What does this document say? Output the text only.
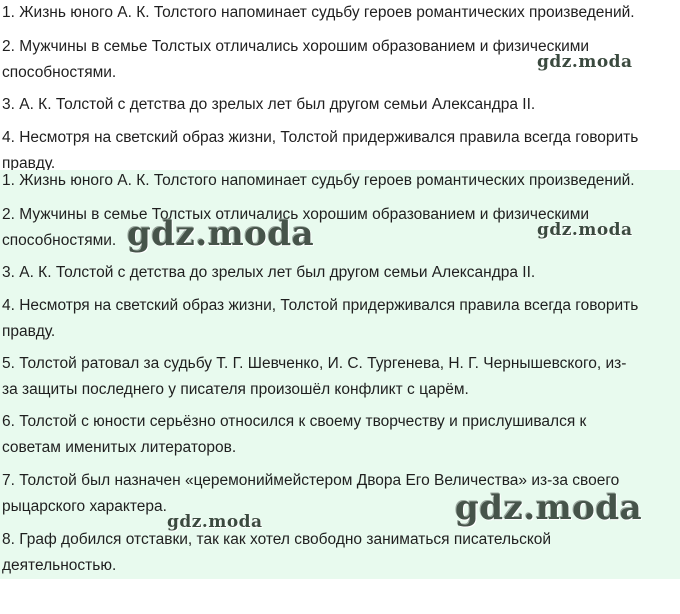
1. Жизнь юного А. К. Толстого напоминает судьбу героев романтических произведений.

2. Мужчины в семье Толстых отличались хорошим образованием и физическими способностями.

3. А. К. Толстой с детства до зрелых лет был другом семьи Александра II.

4. Несмотря на светский образ жизни, Толстой придерживался правила всегда говорить правду.

gdz.moda

1. Жизнь юного А. К. Толстого напоминает судьбу героев романтических произведений.

2. Мужчины в семье Толстых отличались хорошим образованием и физическими способностями.

3. А. К. Толстой с детства до зрелых лет был другом семьи Александра II.

4. Несмотря на светский образ жизни, Толстой придерживался правила всегда говорить правду.

5. Толстой ратовал за судьбу Т. Г. Шевченко, И. С. Тургенева, Н. Г. Чернышевского, из-за защиты последнего у писателя произошёл конфликт с царём.

6. Толстой с юности серьёзно относился к своему творчеству и прислушивался к советам именитых литераторов.

7. Толстой был назначен «церемониймейстером Двора Его Величества» из-за своего рыцарского характера.

8. Граф добился отставки, так как хотел свободно заниматься писательской деятельностью.

gdz.moda	gdz.moda
gdz.moda
gdz.moda
